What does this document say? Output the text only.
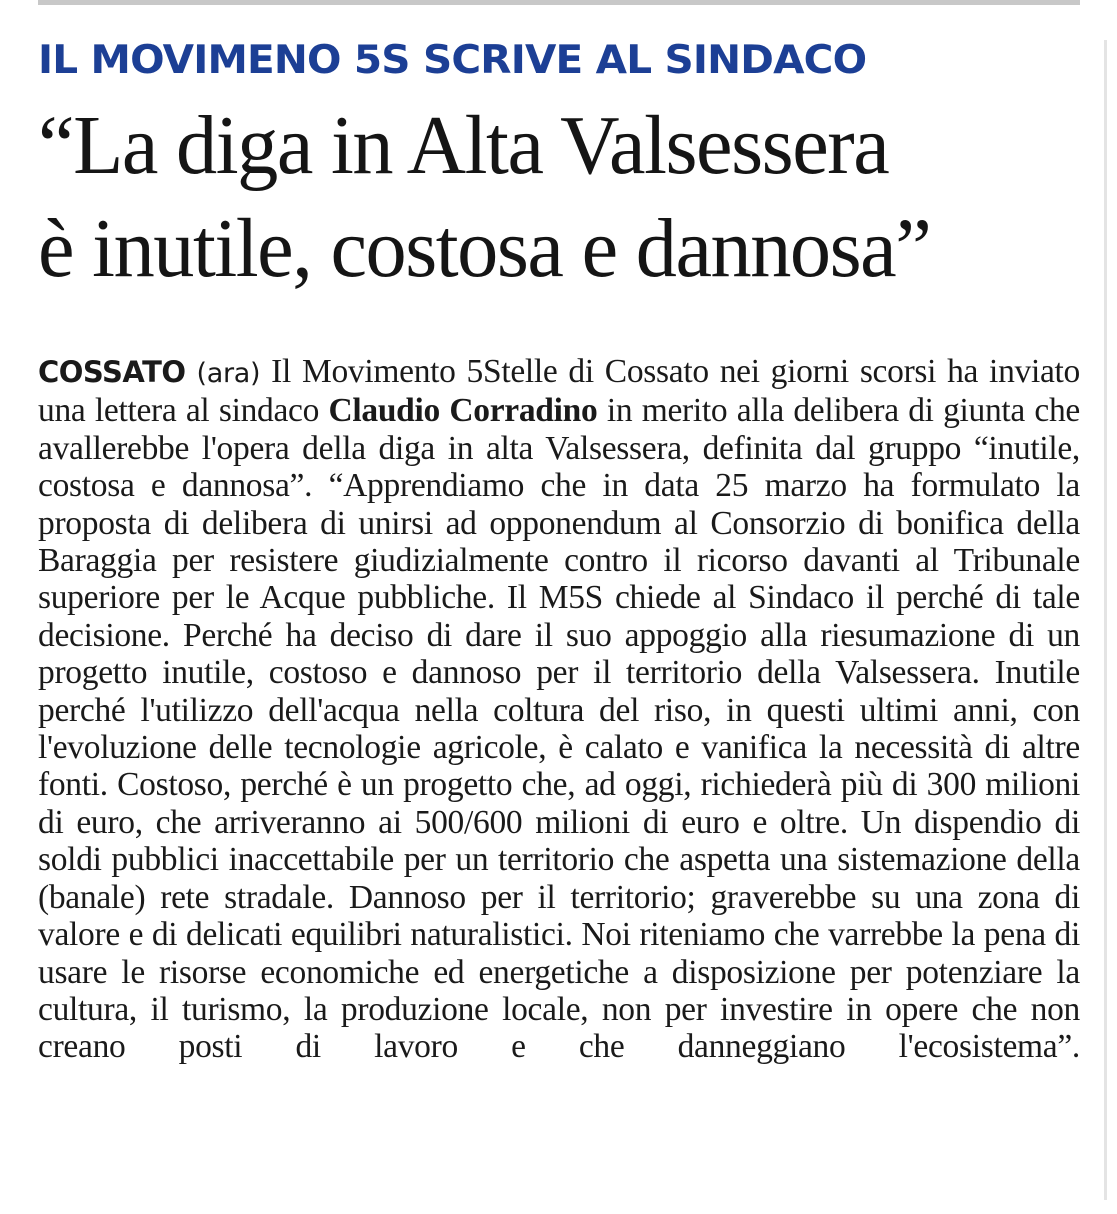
IL MOVIMENO 5S SCRIVE AL SINDACO
“La diga in Alta Valsessera
è inutile, costosa e dannosa”
COSSATO (ara) Il Movimento 5Stelle di Cossato nei giorni scorsi ha inviato una lettera al sindaco Claudio Corradino in merito alla delibera di giunta che avallerebbe l'opera della diga in alta Valsessera, definita dal gruppo “inutile, costosa e dannosa”. “Apprendiamo che in data 25 marzo ha formulato la proposta di delibera di unirsi ad opponendum al Consorzio di bonifica della Baraggia per resistere giudizialmente contro il ricorso davanti al Tribunale superiore per le Acque pubbliche. Il M5S chiede al Sindaco il perché di tale decisione. Perché ha deciso di dare il suo appoggio alla riesumazione di un progetto inutile, costoso e dannoso per il territorio della Valsessera. Inutile perché l'utilizzo dell'acqua nella coltura del riso, in questi ultimi anni, con l'evoluzione delle tecnologie agricole, è calato e vanifica la necessità di altre fonti. Costoso, perché è un progetto che, ad oggi, richiederà più di 300 milioni di euro, che arriveranno ai 500/600 milioni di euro e oltre. Un dispendio di soldi pubblici inaccettabile per un territorio che aspetta una sistemazione della (banale) rete stradale. Dannoso per il territorio; graverebbe su una zona di valore e di delicati equilibri naturalistici. Noi riteniamo che varrebbe la pena di usare le risorse economiche ed energetiche a disposizione per potenziare la cultura, il turismo, la produzione locale, non per investire in opere che non creano posti di lavoro e che danneggiano l'ecosistema”.
